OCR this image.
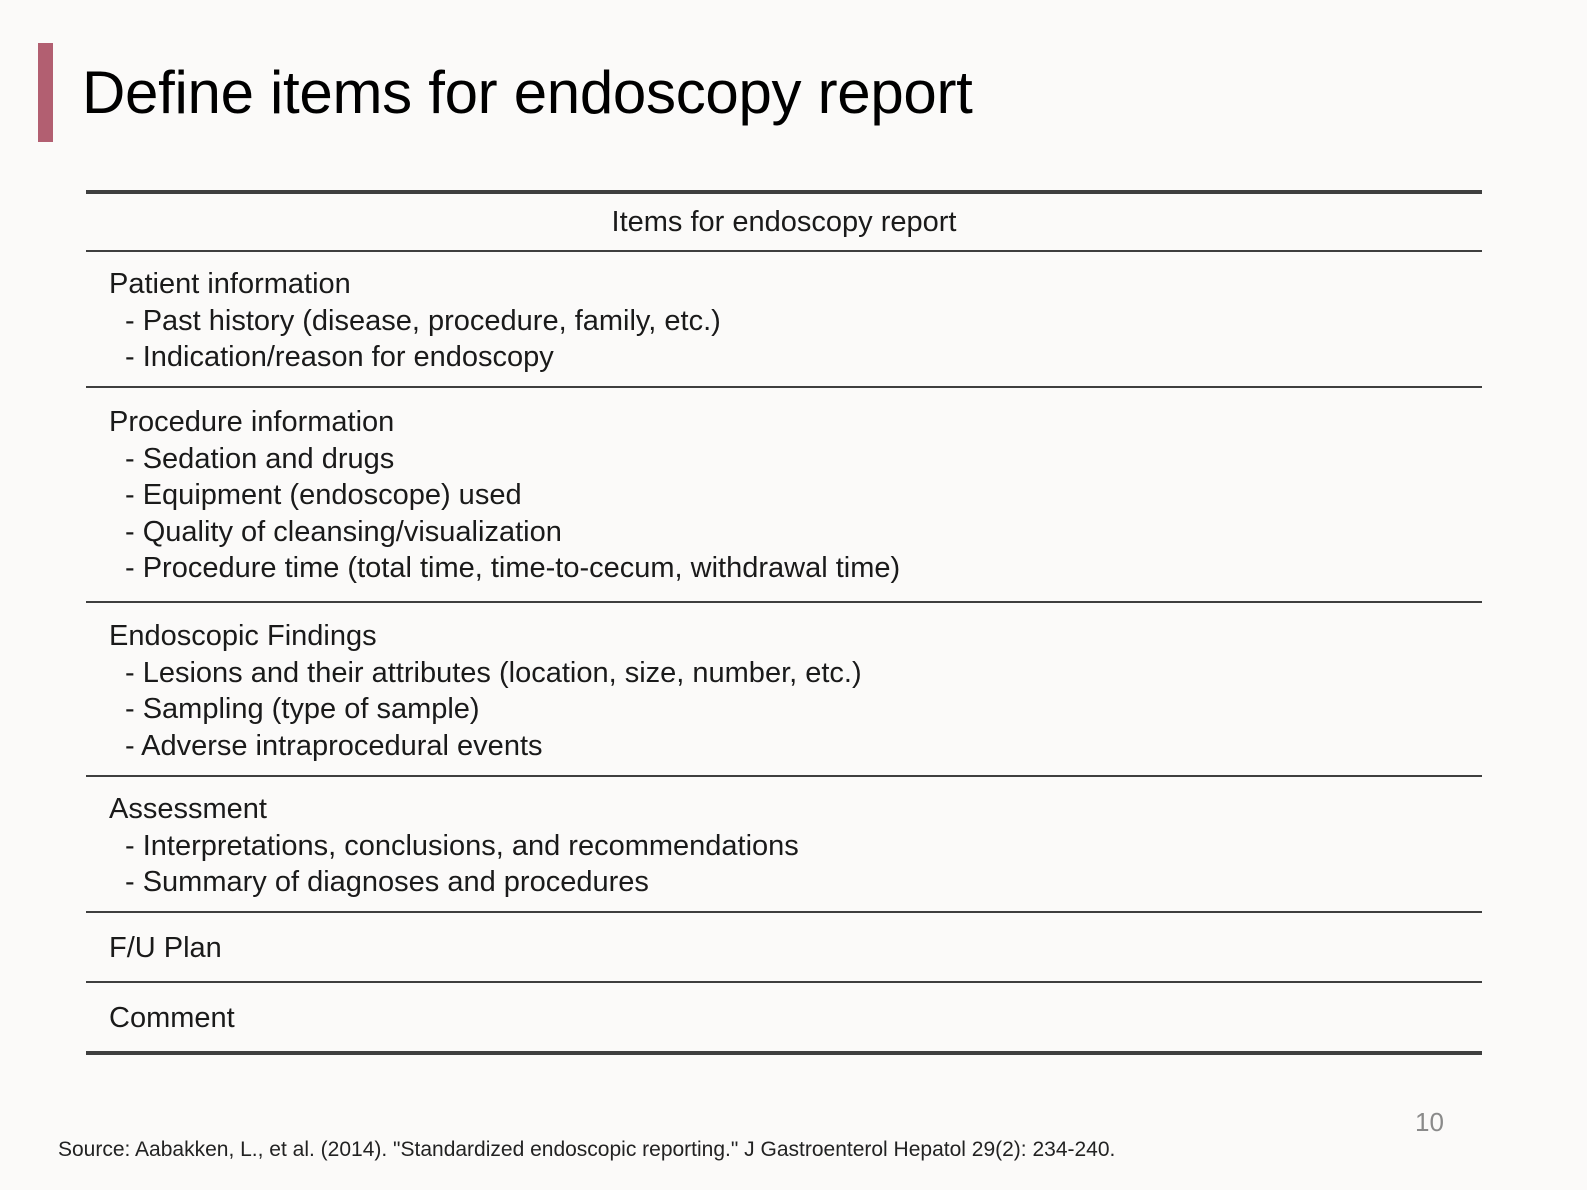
Define items for endoscopy report
Items for endoscopy report
Patient information
- Past history (disease, procedure, family, etc.)
- Indication/reason for endoscopy
Procedure information
- Sedation and drugs
- Equipment (endoscope) used
- Quality of cleansing/visualization
- Procedure time (total time, time-to-cecum, withdrawal time)
Endoscopic Findings
- Lesions and their attributes (location, size, number, etc.)
- Sampling (type of sample)
- Adverse intraprocedural events
Assessment
- Interpretations, conclusions, and recommendations
- Summary of diagnoses and procedures
F/U Plan
Comment
10
Source: Aabakken, L., et al. (2014). "Standardized endoscopic reporting." J Gastroenterol Hepatol 29(2): 234-240.
